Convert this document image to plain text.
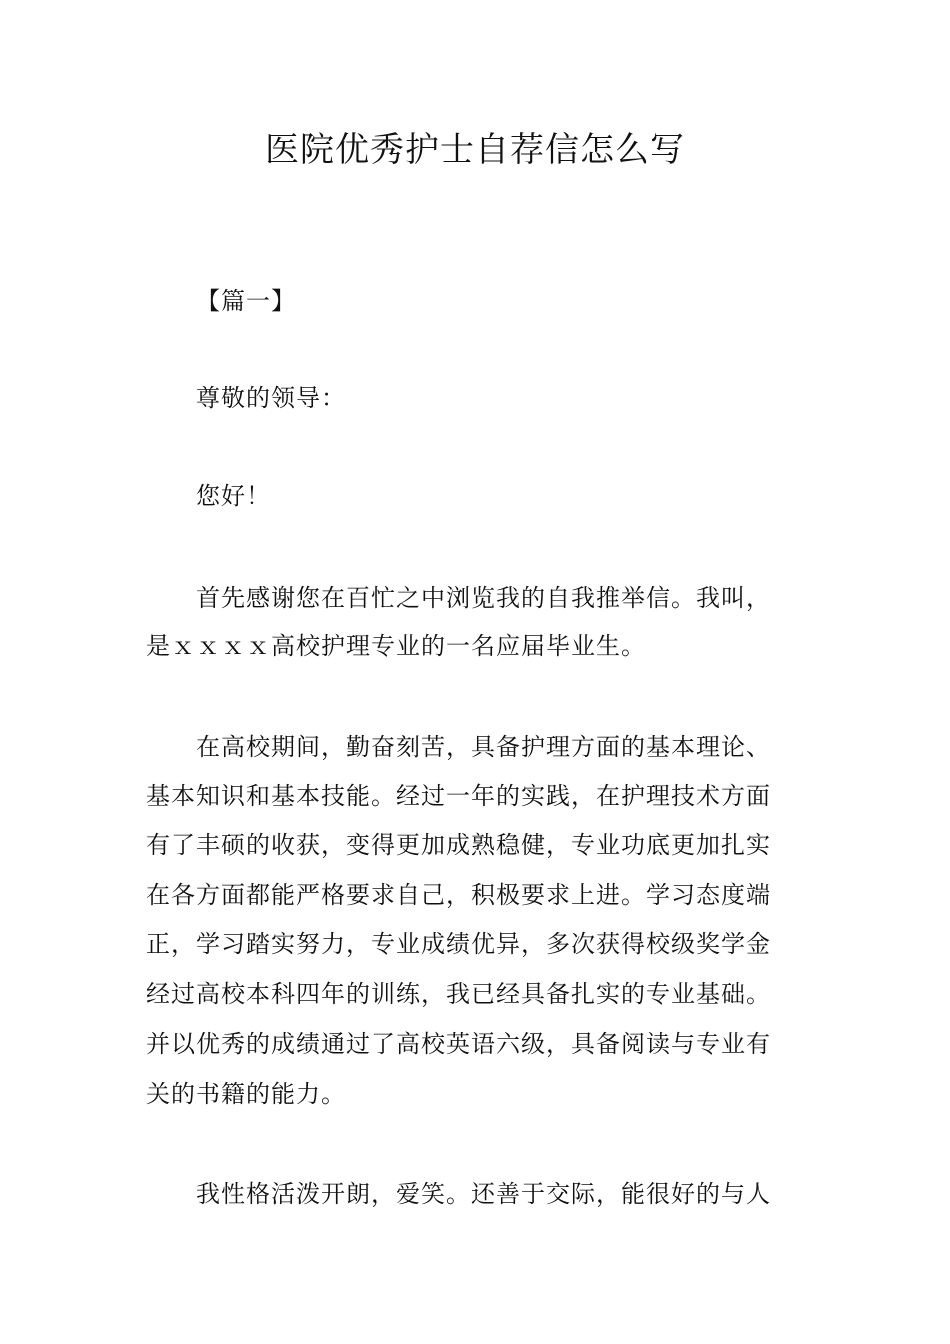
医院优秀护士自荐信怎么写

【篇一】

尊敬的领导：

您好！

首先感谢您在百忙之中浏览我的自我推举信。我叫，

是ｘｘｘｘ高校护理专业的一名应届毕业生。

在高校期间，勤奋刻苦，具备护理方面的基本理论、

基本知识和基本技能。经过一年的实践，在护理技术方面

有了丰硕的收获，变得更加成熟稳健，专业功底更加扎实

在各方面都能严格要求自己，积极要求上进。学习态度端

正，学习踏实努力，专业成绩优异，多次获得校级奖学金

经过高校本科四年的训练，我已经具备扎实的专业基础。

并以优秀的成绩通过了高校英语六级，具备阅读与专业有

关的书籍的能力。

我性格活泼开朗，爱笑。还善于交际，能很好的与人
